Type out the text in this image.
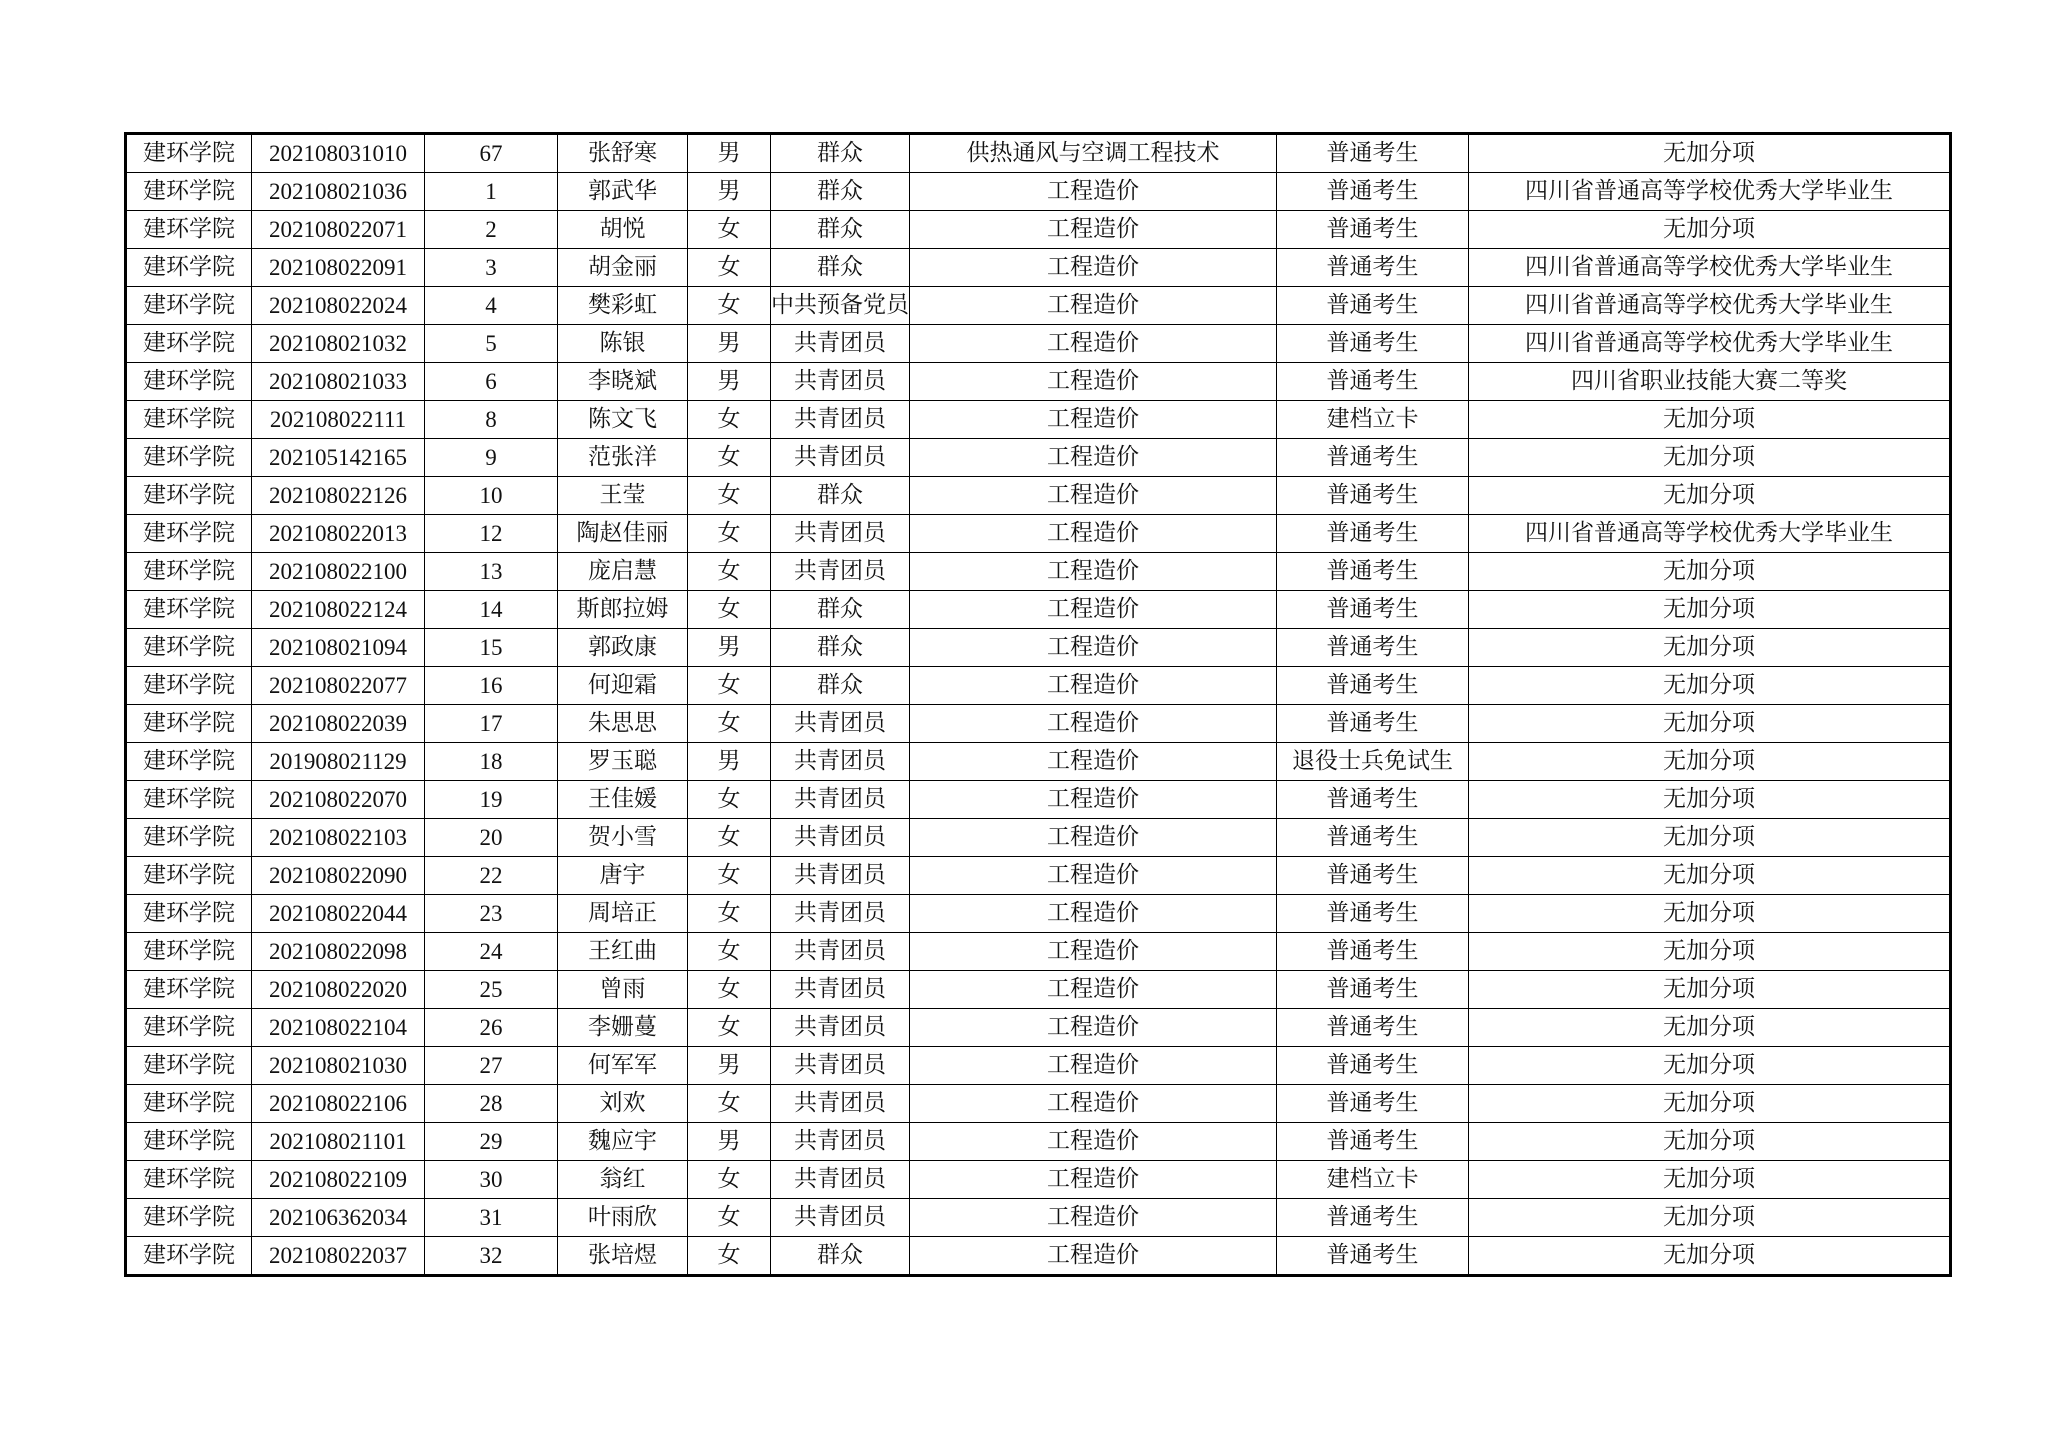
建环学院	202108031010	67	张舒寒	男	群众	供热通风与空调工程技术	普通考生	无加分项
建环学院	202108021036	1	郭武华	男	群众	工程造价	普通考生	四川省普通高等学校优秀大学毕业生
建环学院	202108022071	2	胡悦	女	群众	工程造价	普通考生	无加分项
建环学院	202108022091	3	胡金丽	女	群众	工程造价	普通考生	四川省普通高等学校优秀大学毕业生
建环学院	202108022024	4	樊彩虹	女	中共预备党员	工程造价	普通考生	四川省普通高等学校优秀大学毕业生
建环学院	202108021032	5	陈银	男	共青团员	工程造价	普通考生	四川省普通高等学校优秀大学毕业生
建环学院	202108021033	6	李晓斌	男	共青团员	工程造价	普通考生	四川省职业技能大赛二等奖
建环学院	202108022111	8	陈文飞	女	共青团员	工程造价	建档立卡	无加分项
建环学院	202105142165	9	范张洋	女	共青团员	工程造价	普通考生	无加分项
建环学院	202108022126	10	王莹	女	群众	工程造价	普通考生	无加分项
建环学院	202108022013	12	陶赵佳丽	女	共青团员	工程造价	普通考生	四川省普通高等学校优秀大学毕业生
建环学院	202108022100	13	庞启慧	女	共青团员	工程造价	普通考生	无加分项
建环学院	202108022124	14	斯郎拉姆	女	群众	工程造价	普通考生	无加分项
建环学院	202108021094	15	郭政康	男	群众	工程造价	普通考生	无加分项
建环学院	202108022077	16	何迎霜	女	群众	工程造价	普通考生	无加分项
建环学院	202108022039	17	朱思思	女	共青团员	工程造价	普通考生	无加分项
建环学院	201908021129	18	罗玉聪	男	共青团员	工程造价	退役士兵免试生	无加分项
建环学院	202108022070	19	王佳媛	女	共青团员	工程造价	普通考生	无加分项
建环学院	202108022103	20	贺小雪	女	共青团员	工程造价	普通考生	无加分项
建环学院	202108022090	22	唐宇	女	共青团员	工程造价	普通考生	无加分项
建环学院	202108022044	23	周培正	女	共青团员	工程造价	普通考生	无加分项
建环学院	202108022098	24	王红曲	女	共青团员	工程造价	普通考生	无加分项
建环学院	202108022020	25	曾雨	女	共青团员	工程造价	普通考生	无加分项
建环学院	202108022104	26	李姗蔓	女	共青团员	工程造价	普通考生	无加分项
建环学院	202108021030	27	何军军	男	共青团员	工程造价	普通考生	无加分项
建环学院	202108022106	28	刘欢	女	共青团员	工程造价	普通考生	无加分项
建环学院	202108021101	29	魏应宇	男	共青团员	工程造价	普通考生	无加分项
建环学院	202108022109	30	翁红	女	共青团员	工程造价	建档立卡	无加分项
建环学院	202106362034	31	叶雨欣	女	共青团员	工程造价	普通考生	无加分项
建环学院	202108022037	32	张培煜	女	群众	工程造价	普通考生	无加分项
